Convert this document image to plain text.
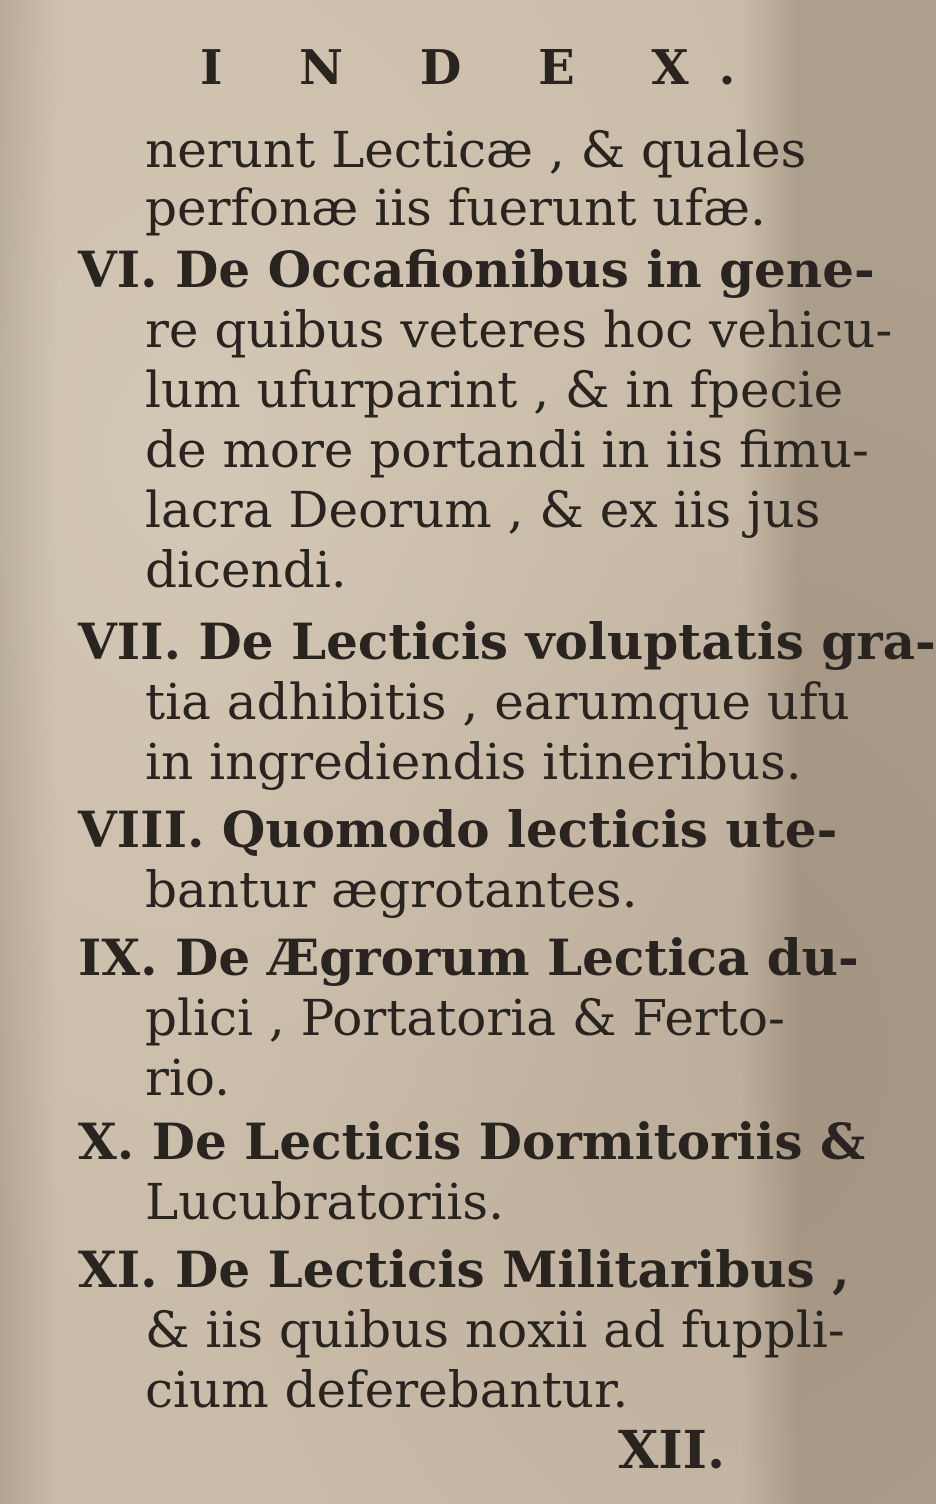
I N D E X.
nerunt Lecticæ , & quales
perfonæ iis fuerunt ufæ.
VI. De Occafionibus in gene-
re quibus veteres hoc vehicu-
lum ufurparint , & in fpecie
de more portandi in iis fimu-
lacra Deorum , & ex iis jus
dicendi.
VII. De Lecticis voluptatis gra-
tia adhibitis , earumque ufu
in ingrediendis itineribus.
VIII. Quomodo lecticis ute-
bantur ægrotantes.
IX. De Ægrorum Lectica du-
plici , Portatoria & Ferto-
rio.
X. De Lecticis Dormitoriis &
Lucubratoriis.
XI. De Lecticis Militaribus ,
& iis quibus noxii ad fuppli-
cium deferebantur.
XII.
